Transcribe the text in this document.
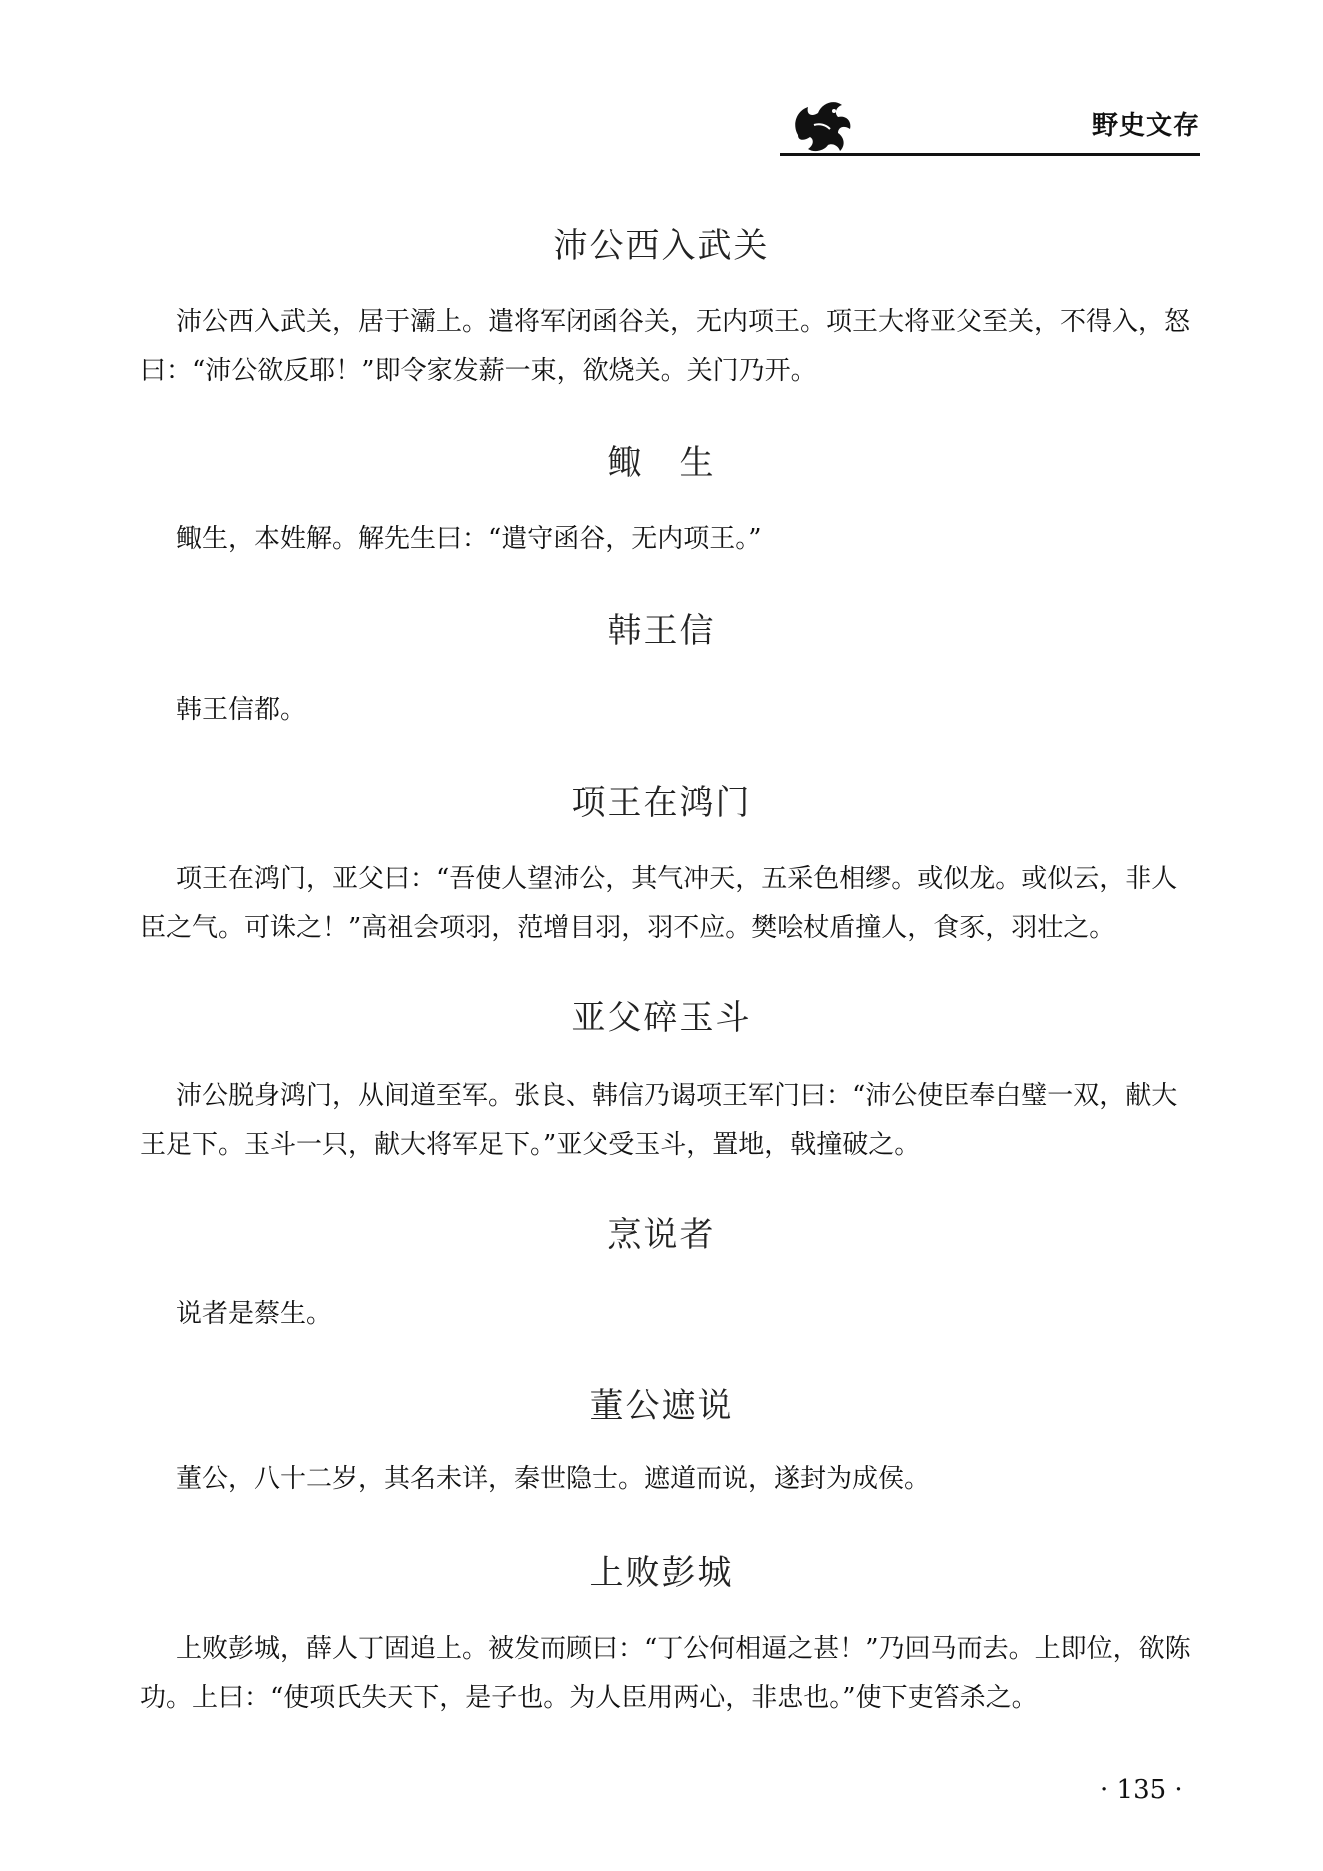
野史文存
沛公西入武关

沛公西入武关，居于灞上。遣将军闭函谷关，无内项王。项王大将亚父至关，不得入，怒曰：“沛公欲反耶！”即令家发薪一束，欲烧关。关门乃开。

鲰　生

鲰生，本姓解。解先生曰：“遣守函谷，无内项王。”

韩王信

韩王信都。

项王在鸿门

项王在鸿门，亚父曰：“吾使人望沛公，其气冲天，五采色相缪。或似龙。或似云，非人臣之气。可诛之！”高祖会项羽，范增目羽，羽不应。樊哙杖盾撞人，食豕，羽壮之。

亚父碎玉斗

沛公脱身鸿门，从间道至军。张良、韩信乃谒项王军门曰：“沛公使臣奉白璧一双，献大王足下。玉斗一只，献大将军足下。”亚父受玉斗，置地，戟撞破之。

烹说者

说者是蔡生。

董公遮说

董公，八十二岁，其名未详，秦世隐士。遮道而说，遂封为成侯。

上败彭城

上败彭城，薛人丁固追上。被发而顾曰：“丁公何相逼之甚！”乃回马而去。上即位，欲陈功。上曰：“使项氏失天下，是子也。为人臣用两心，非忠也。”使下吏笞杀之。

· 135 ·
